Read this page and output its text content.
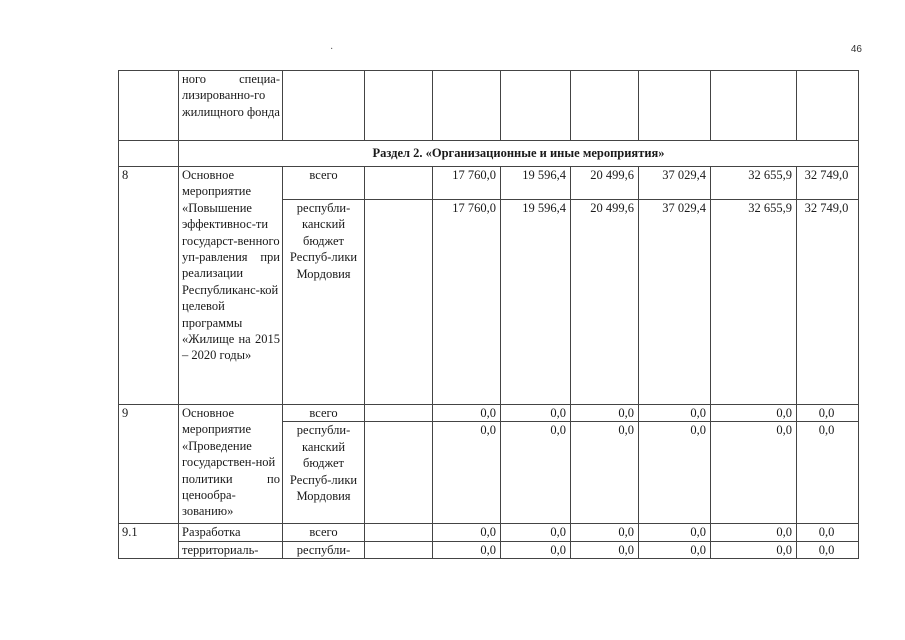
·	46
	ного специа-лизированно-го жилищного фонда								
	Раздел 2. «Организационные и иные мероприятия»								
8	Основное мероприятие «Повышение эффективнос-ти государст-венного уп-равления при реализации Республиканс-кой целевой программы «Жилище на 2015 – 2020 годы»	всего		17 760,0	19 596,4	20 499,6	37 029,4	32 655,9	32 749,0
		республи-канский бюджет Респуб-лики Мордовия		17 760,0	19 596,4	20 499,6	37 029,4	32 655,9	32 749,0
9	Основное мероприятие «Проведение государствен-ной политики по ценообра-зованию»	всего		0,0	0,0	0,0	0,0	0,0	0,0
		республи-канский бюджет Респуб-лики Мордовия		0,0	0,0	0,0	0,0	0,0	0,0
9.1	Разработка	всего		0,0	0,0	0,0	0,0	0,0	0,0
	территориаль-	республи-		0,0	0,0	0,0	0,0	0,0	0,0
